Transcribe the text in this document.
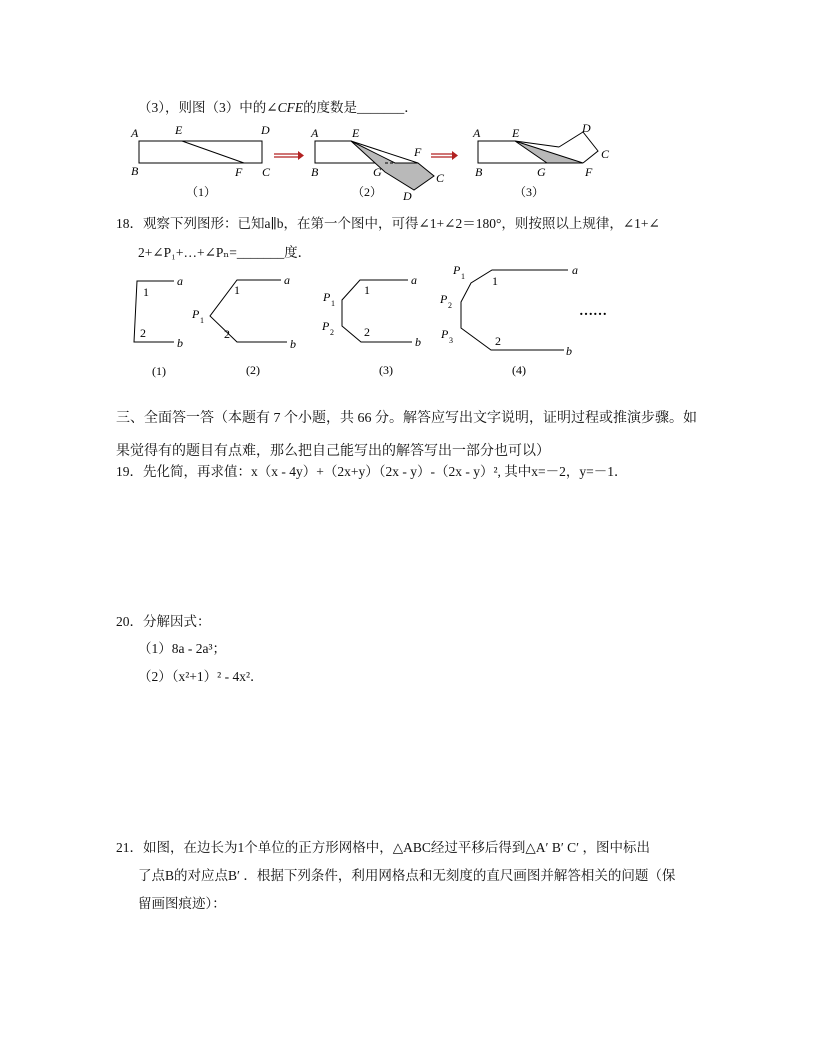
（3），则图（3）中的∠CFE的度数是_______．
A	E	D
B	F C
（1）
A	E
F
C
B	G
D
（2）
A	E	D
C
B	G	F
（3）
18．观察下列图形：已知a∥b，在第一个图中，可得∠1+∠2＝180°，则按照以上规律，∠1+∠
2+∠P₁+…+∠Pₙ=_______度．
a
b
1
2
(1)
a
b
1
2
P 1
(2)
a
b
1
2
P 1
P 2
(3)
a
b
1
2
P 1
P 2
P 3
(4)
……
三、全面答一答（本题有 7 个小题，共 66 分。解答应写出文字说明，证明过程或推演步骤。如
果觉得有的题目有点难，那么把自己能写出的解答写出一部分也可以）
19．先化简，再求值：x（x - 4y）+（2x+y）（2x - y）-（2x - y）², 其中x=－2，y=－1．
20．分解因式：
（1）8a - 2a³；
（2）（x²+1）² - 4x²．
21．如图，在边长为1个单位的正方形网格中，△ABC经过平移后得到△A′ B′ C′ ，图中标出
了点B的对应点B′ ．根据下列条件，利用网格点和无刻度的直尺画图并解答相关的问题（保
留画图痕迹）：
